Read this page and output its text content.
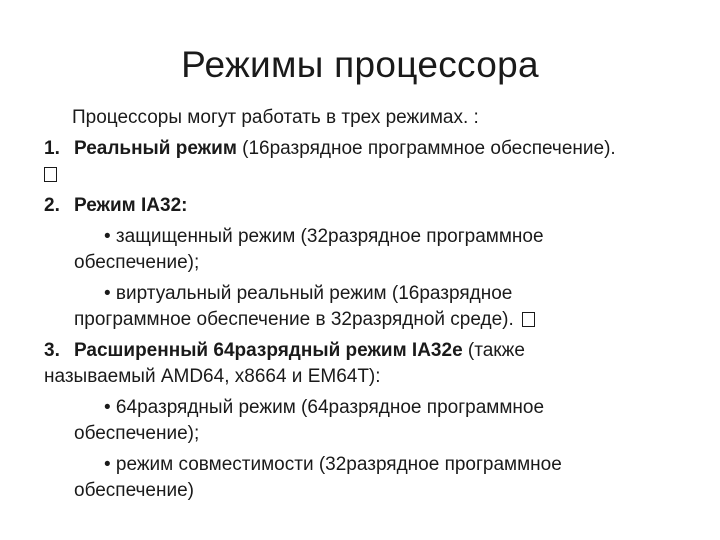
Режимы процессора
Процессоры могут работать в трех режимах. :
1. Реальный режим (16разрядное программное обеспечение).
2. Режим IA32:
• защищенный режим (32разрядное программное
обеспечение);
• виртуальный реальный режим (16разрядное
программное обеспечение в 32разрядной среде).
3. Расширенный 64разрядный режим IA32e (также
называемый AMD64, x8664 и EM64T):
• 64разрядный режим (64разрядное программное
обеспечение);
• режим совместимости (32разрядное программное
обеспечение)
